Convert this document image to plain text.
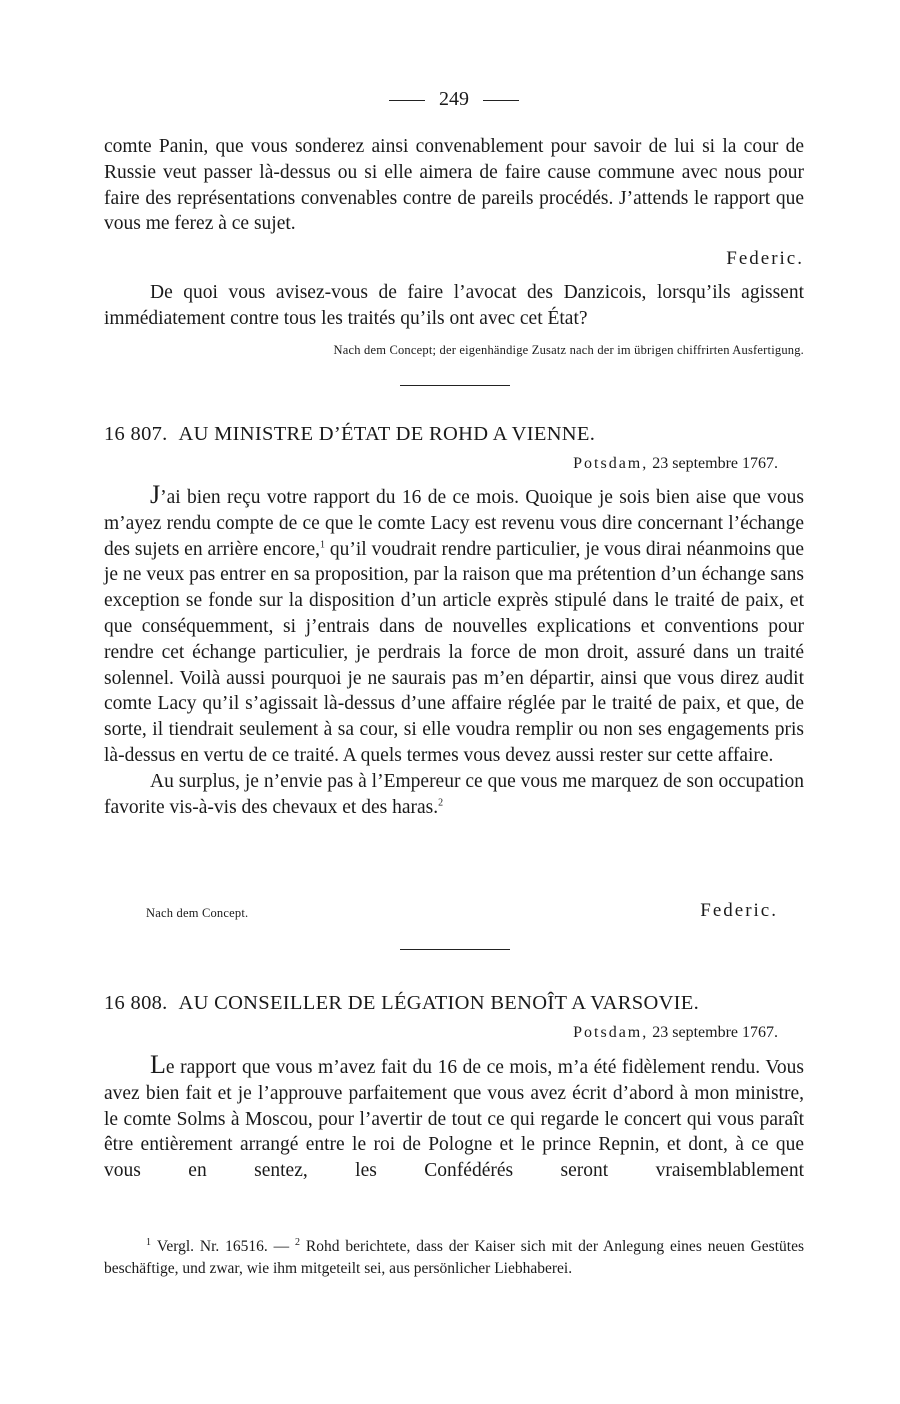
249

comte Panin, que vous sonderez ainsi convenablement pour savoir de lui si la cour de Russie veut passer là-dessus ou si elle aimera de faire cause commune avec nous pour faire des représentations convenables contre de pareils procédés. J’attends le rapport que vous me ferez à ce sujet.

Federic.

De quoi vous avisez-vous de faire l’avocat des Danzicois, lorsqu’ils agissent immédiatement contre tous les traités qu’ils ont avec cet État?

Nach dem Concept; der eigenhändige Zusatz nach der im übrigen chiffrirten Ausfertigung.
16 807. AU MINISTRE D’ÉTAT DE ROHD A VIENNE.
Potsdam, 23 septembre 1767.

J’ai bien reçu votre rapport du 16 de ce mois. Quoique je sois bien aise que vous m’ayez rendu compte de ce que le comte Lacy est revenu vous dire concernant l’échange des sujets en arrière encore,$^1$ qu’il voudrait rendre particulier, je vous dirai néanmoins que je ne veux pas entrer en sa proposition, par la raison que ma prétention d’un échange sans exception se fonde sur la disposition d’un article exprès stipulé dans le traité de paix, et que conséquemment, si j’entrais dans de nouvelles explications et conventions pour rendre cet échange particulier, je perdrais la force de mon droit, assuré dans un traité solennel. Voilà aussi pourquoi je ne saurais pas m’en départir, ainsi que vous direz audit comte Lacy qu’il s’agissait là-dessus d’une affaire réglée par le traité de paix, et que, de sorte, il tiendrait seulement à sa cour, si elle voudra remplir ou non ses engagements pris là-dessus en vertu de ce traité. A quels termes vous devez aussi rester sur cette affaire.

Au surplus, je n’envie pas à l’Empereur ce que vous me marquez de son occupation favorite vis-à-vis des chevaux et des haras.$^2$

Nach dem Concept.	Federic.
16 808. AU CONSEILLER DE LÉGATION BENOÎT A VARSOVIE.
Potsdam, 23 septembre 1767.

Le rapport que vous m’avez fait du 16 de ce mois, m’a été fidèlement rendu. Vous avez bien fait et je l’approuve parfaitement que vous avez écrit d’abord à mon ministre, le comte Solms à Moscou, pour l’avertir de tout ce qui regarde le concert qui vous paraît être entièrement arrangé entre le roi de Pologne et le prince Repnin, et dont, à ce que vous en sentez, les Confédérés seront vraisemblablement

$^1$ Vergl. Nr. 16516. — $^2$ Rohd berichtete, dass der Kaiser sich mit der Anlegung eines neuen Gestütes beschäftige, und zwar, wie ihm mitgeteilt sei, aus persönlicher Liebhaberei.
